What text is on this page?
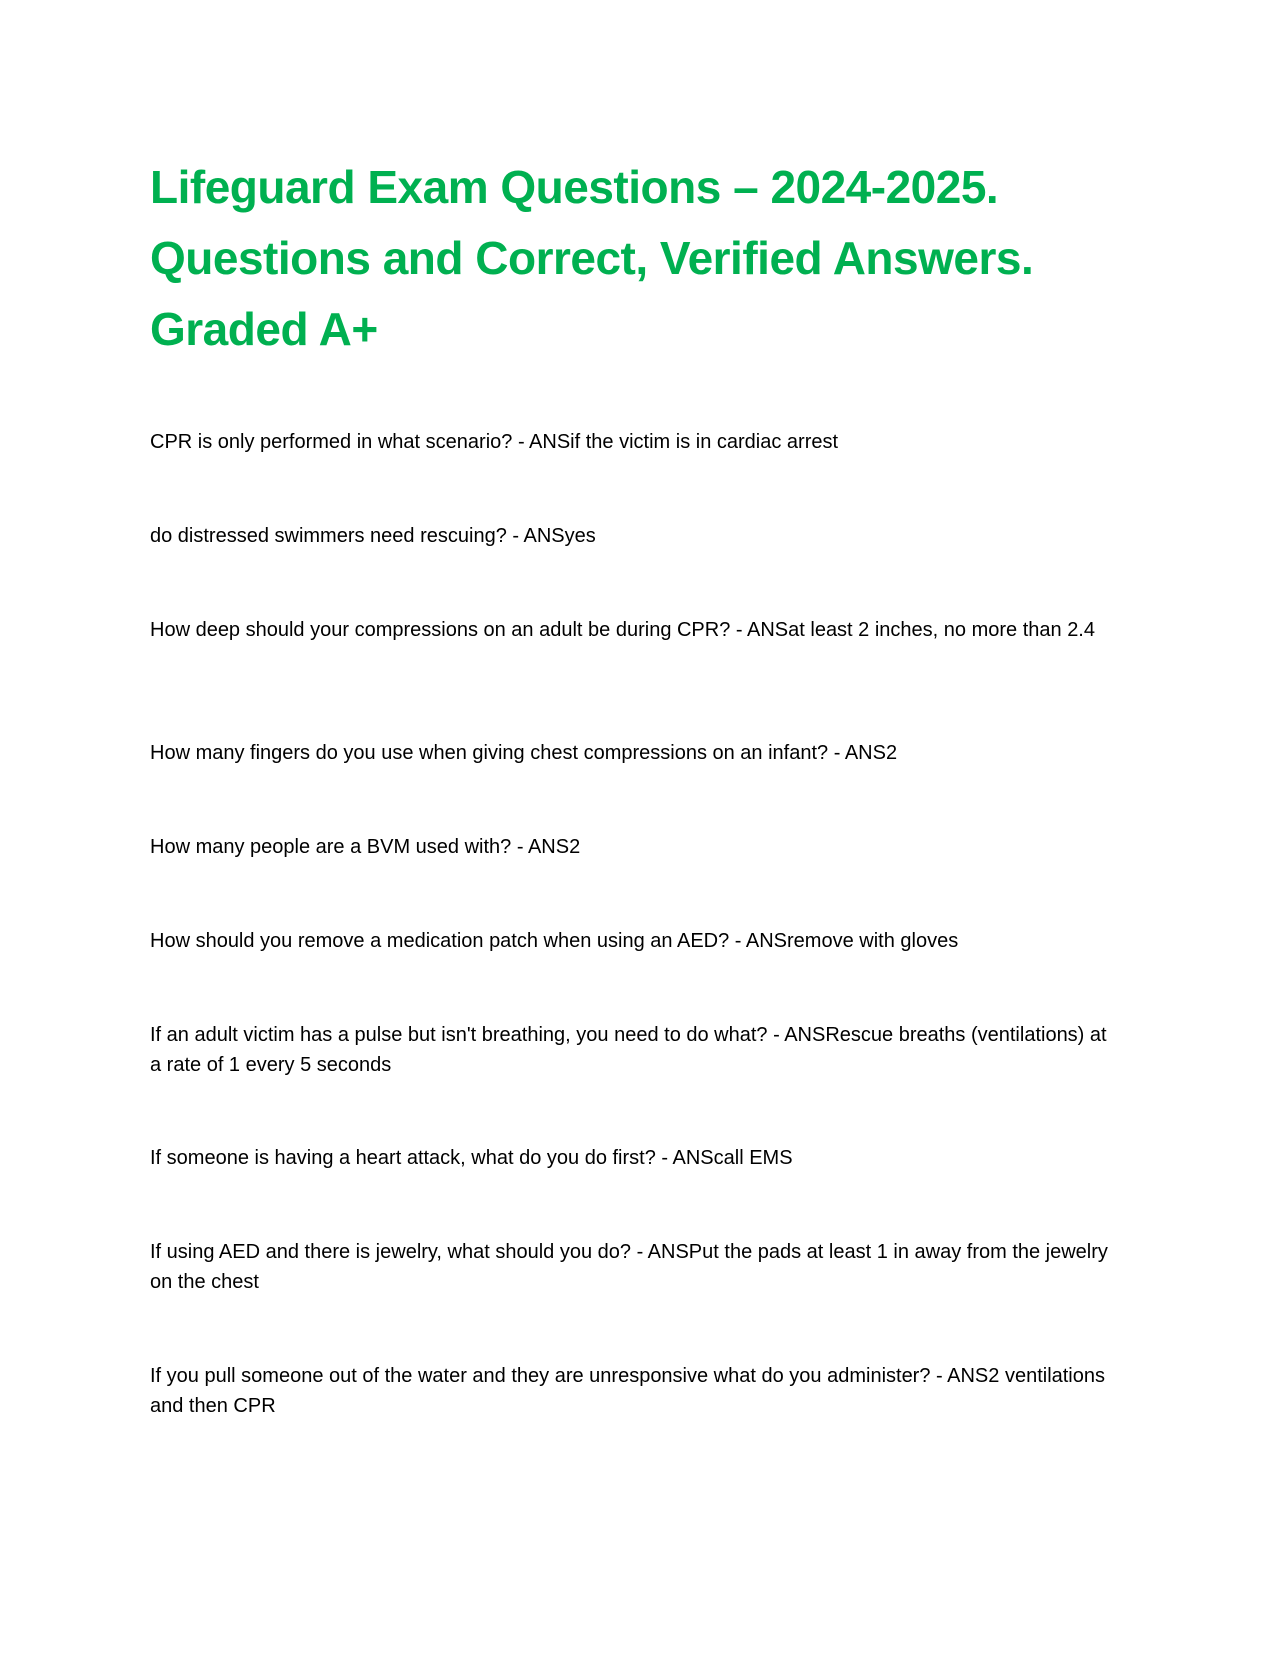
Lifeguard Exam Questions – 2024-2025.
Questions and Correct, Verified Answers.
Graded A+

CPR is only performed in what scenario? - ANSif the victim is in cardiac arrest

do distressed swimmers need rescuing? - ANSyes

How deep should your compressions on an adult be during CPR? - ANSat least 2 inches, no more than 2.4

How many fingers do you use when giving chest compressions on an infant? - ANS2

How many people are a BVM used with? - ANS2

How should you remove a medication patch when using an AED? - ANSremove with gloves

If an adult victim has a pulse but isn't breathing, you need to do what? - ANSRescue breaths (ventilations) at a rate of 1 every 5 seconds

If someone is having a heart attack, what do you do first? - ANScall EMS

If using AED and there is jewelry, what should you do? - ANSPut the pads at least 1 in away from the jewelry on the chest

If you pull someone out of the water and they are unresponsive what do you administer? - ANS2 ventilations and then CPR
